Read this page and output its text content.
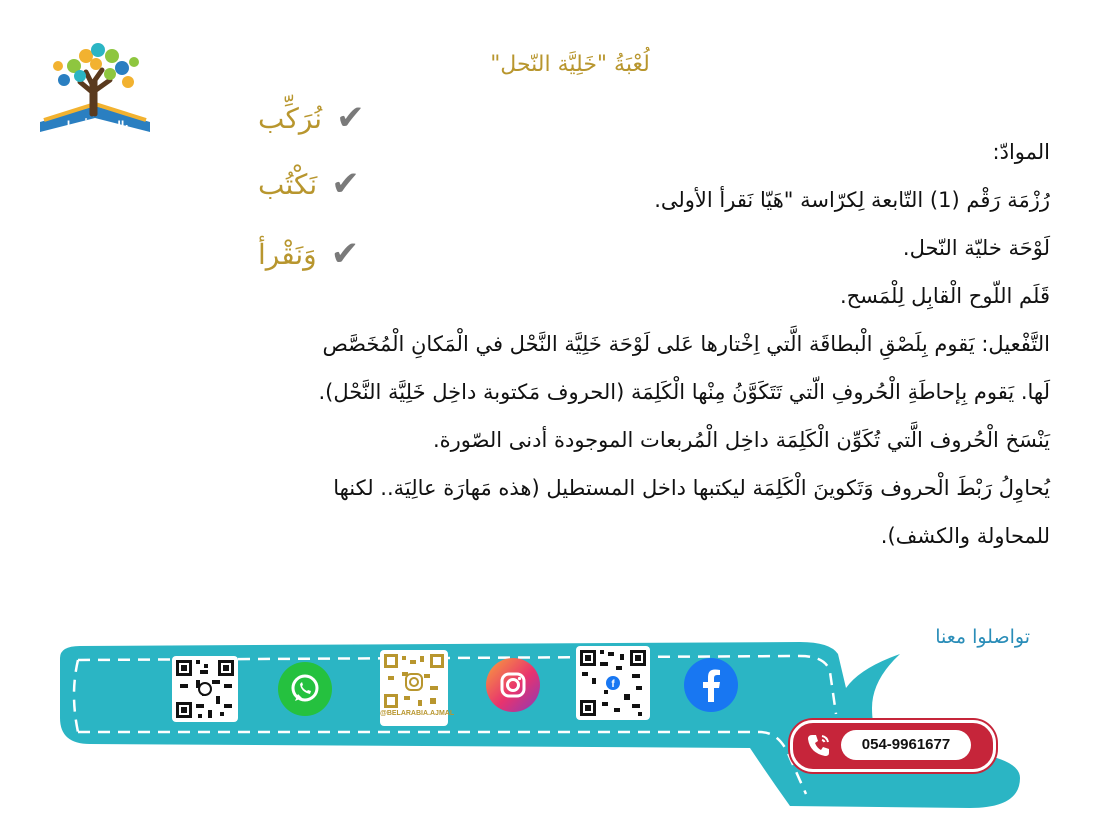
بالعربية أجمل
لُعْبَةُ "خَلِيَّة النّحل"
نُرَكِّب ✔
نَكْتُب ✔
وَنَقْرأ ✔

الموادّ:

رُزْمَة رَقْم (1) التّابعة لِكرّاسة "هَيّا نَقرأ الأولى.

لَوْحَة خليّة النّحل.

قَلَم اللّوح الْقابِل لِلْمَسح.

التَّفْعيل: يَقوم بِلَصْقِ الْبطاقَة الَّتي اِخْتارها عَلى لَوْحَة خَلِيَّة النَّحْل في الْمَكانِ الْمُخَصَّص

لَها. يَقوم بِإحاطَةِ الْحُروفِ الّتي تَتَكَوَّنُ مِنْها الْكَلِمَة (الحروف مَكتوبة داخِل خَلِيَّة النَّحْل).

يَنْسَخ الْحُروف الَّتي تُكَوِّن الْكَلِمَة داخِل الْمُربعات الموجودة أدنى الصّورة.

يُحاوِلُ رَبْطَ الْحروف وَتَكوينَ الْكَلِمَة ليكتبها داخل المستطيل (هذه مَهارَة عالِيَة.. لكنها

للمحاولة والكشف).

تواصلوا معنا
@BELARABIA.AJMAL
f
054-9961677
